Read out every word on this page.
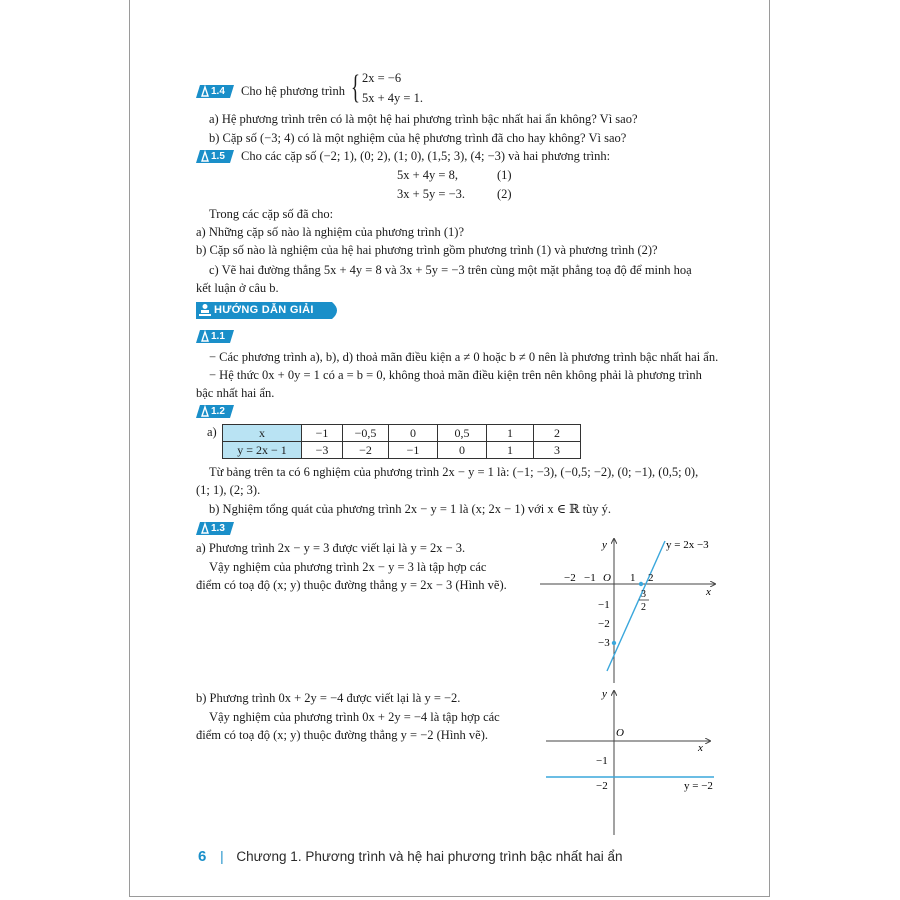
1.4 Cho hệ phương trình { 2x = −6
5x + 4y = 1.
a) Hệ phương trình trên có là một hệ hai phương trình bậc nhất hai ẩn không? Vì sao?
b) Cặp số (−3; 4) có là một nghiệm của hệ phương trình đã cho hay không? Vì sao?
1.5 Cho các cặp số (−2; 1), (0; 2), (1; 0), (1,5; 3), (4; −3) và hai phương trình:
5x + 4y = 8,	(1)
3x + 5y = −3.	(2)
Trong các cặp số đã cho:
a) Những cặp số nào là nghiệm của phương trình (1)?
b) Cặp số nào là nghiệm của hệ hai phương trình gồm phương trình (1) và phương trình (2)?
c) Vẽ hai đường thẳng 5x + 4y = 8 và 3x + 5y = −3 trên cùng một mặt phẳng toạ độ để minh hoạ
kết luận ở câu b.
HƯỚNG DẪN GIẢI
1.1
− Các phương trình a), b), d) thoả mãn điều kiện a ≠ 0 hoặc b ≠ 0 nên là phương trình bậc nhất hai ẩn.
− Hệ thức 0x + 0y = 1 có a = b = 0, không thoả mãn điều kiện trên nên không phải là phương trình
bậc nhất hai ẩn.
1.2
a)	x	−1	−0,5	0	0,5	1	2
y = 2x − 1	−3	−2	−1	0	1	3
Từ bảng trên ta có 6 nghiệm của phương trình 2x − y = 1 là: (−1; −3), (−0,5; −2), (0; −1), (0,5; 0),
(1; 1), (2; 3).
b) Nghiệm tổng quát của phương trình 2x − y = 1 là (x; 2x − 1) với x ∈ ℝ tùy ý.
1.3
a) Phương trình 2x − y = 3 được viết lại là y = 2x − 3.
Vậy nghiệm của phương trình 2x − y = 3 là tập hợp các
điểm có toạ độ (x; y) thuộc đường thẳng y = 2x − 3 (Hình vẽ).
b) Phương trình 0x + 2y = −4 được viết lại là y = −2.
Vậy nghiệm của phương trình 0x + 2y = −4 là tập hợp các
điểm có toạ độ (x; y) thuộc đường thẳng y = −2 (Hình vẽ).
y
x
O
y = 2x −3
−2 −1	1 2
−1
−2
−3
3
2
y
x
O
−1
−2	y = −2
6 | Chương 1. Phương trình và hệ hai phương trình bậc nhất hai ẩn
